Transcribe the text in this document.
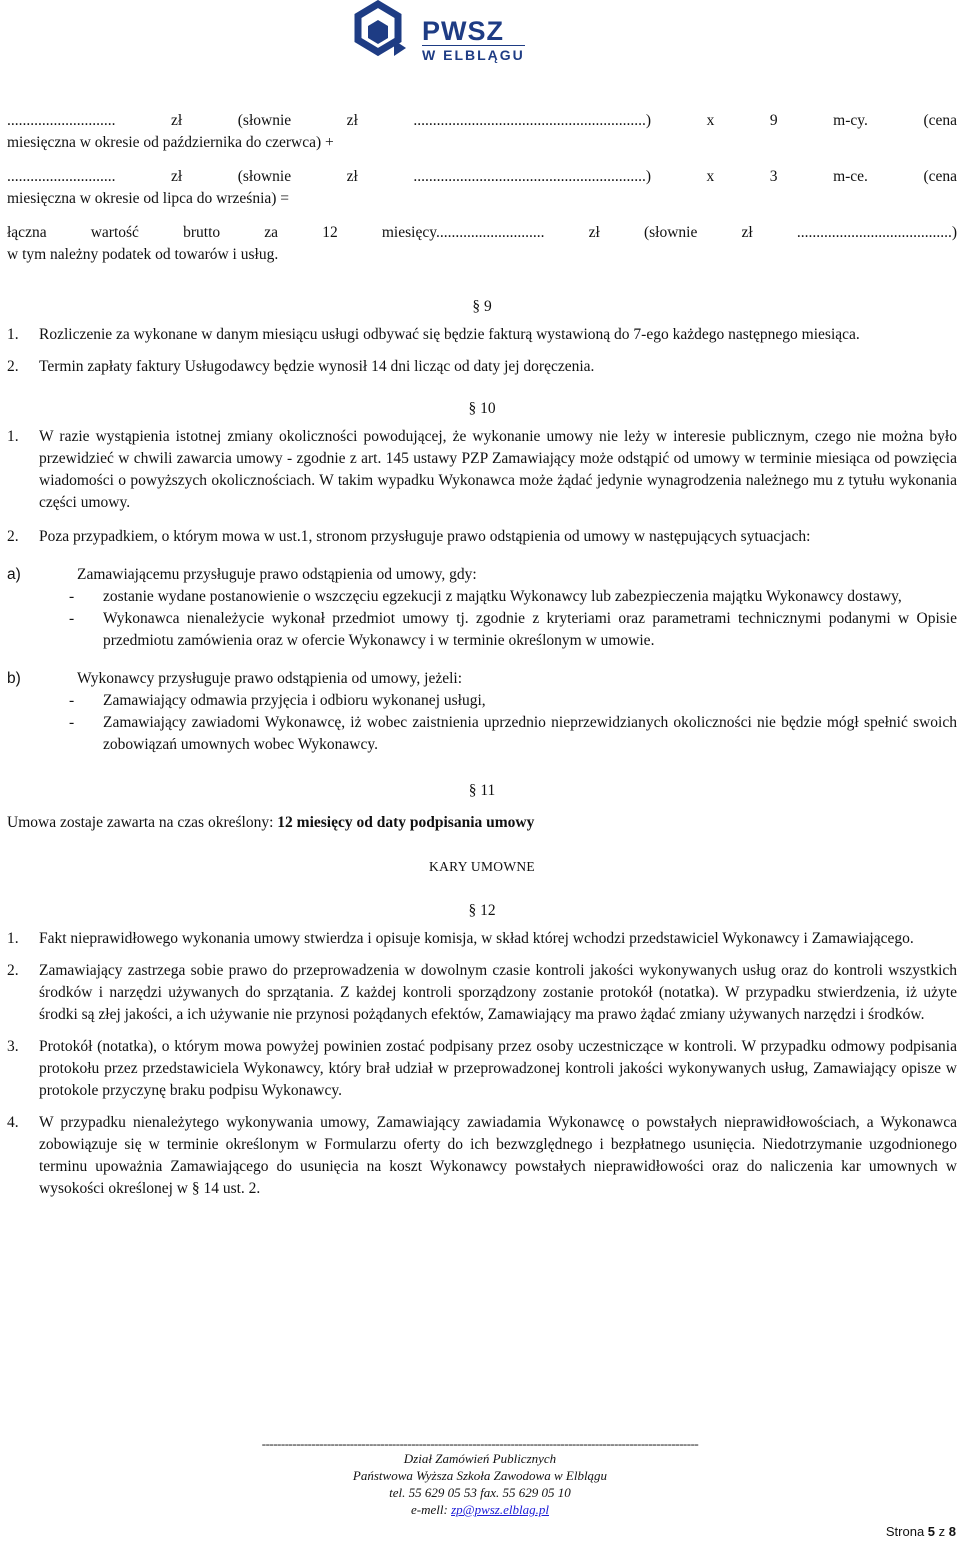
PWSZ
W ELBLĄGU

............................ zł (słownie zł ............................................................) x 9 m-cy. (cena

miesięczna w okresie od października do czerwca) +

............................ zł (słownie zł ............................................................) x 3 m-ce. (cena

miesięczna w okresie od lipca do września) =

łączna wartość brutto za 12 miesięcy............................ zł (słownie zł ........................................)

w tym należny podatek od towarów i usług.

§ 9

1.	Rozliczenie za wykonane w danym miesiącu usługi odbywać się będzie fakturą wystawioną do 7-ego każdego następnego miesiąca.
2.	Termin zapłaty faktury Usługodawcy będzie wynosił 14 dni licząc od daty jej doręczenia.

§ 10

1.	W razie wystąpienia istotnej zmiany okoliczności powodującej, że wykonanie umowy nie leży w interesie publicznym, czego nie można było przewidzieć w chwili zawarcia umowy - zgodnie z art. 145 ustawy PZP Zamawiający może odstąpić od umowy w terminie miesiąca od powzięcia wiadomości o powyższych okolicznościach. W takim wypadku Wykonawca może żądać jedynie wynagrodzenia należnego mu z tytułu wykonania części umowy.
2.	Poza przypadkiem, o którym mowa w ust.1, stronom przysługuje prawo odstąpienia od umowy w następujących sytuacjach:
a)	Zamawiającemu przysługuje prawo odstąpienia od umowy, gdy:
-	zostanie wydane postanowienie o wszczęciu egzekucji z majątku Wykonawcy lub zabezpieczenia majątku Wykonawcy dostawy,
-	Wykonawca nienależycie wykonał przedmiot umowy tj. zgodnie z kryteriami oraz parametrami technicznymi podanymi w Opisie przedmiotu zamówienia oraz w ofercie Wykonawcy i w terminie określonym w umowie.
b)	Wykonawcy przysługuje prawo odstąpienia od umowy, jeżeli:
-	Zamawiający odmawia przyjęcia i odbioru wykonanej usługi,
-	Zamawiający zawiadomi Wykonawcę, iż wobec zaistnienia uprzednio nieprzewidzianych okoliczności nie będzie mógł spełnić swoich zobowiązań umownych wobec Wykonawcy.

§ 11

Umowa zostaje zawarta na czas określony: 12 miesięcy od daty podpisania umowy

KARY UMOWNE

§ 12

1.	Fakt nieprawidłowego wykonania umowy stwierdza i opisuje komisja, w skład której wchodzi przedstawiciel Wykonawcy i Zamawiającego.
2.	Zamawiający zastrzega sobie prawo do przeprowadzenia w dowolnym czasie kontroli jakości wykonywanych usług oraz do kontroli wszystkich środków i narzędzi używanych do sprzątania. Z każdej kontroli sporządzony zostanie protokół (notatka). W przypadku stwierdzenia, iż użyte środki są złej jakości, a ich używanie nie przynosi pożądanych efektów, Zamawiający ma prawo żądać zmiany używanych narzędzi i środków.
3.	Protokół (notatka), o którym mowa powyżej powinien zostać podpisany przez osoby uczestniczące w kontroli. W przypadku odmowy podpisania protokołu przez przedstawiciela Wykonawcy, który brał udział w przeprowadzonej kontroli jakości wykonywanych usług, Zamawiający opisze w protokole przyczynę braku podpisu Wykonawcy.
4.	W przypadku nienależytego wykonywania umowy, Zamawiający zawiadamia Wykonawcę o powstałych nieprawidłowościach, a Wykonawca zobowiązuje się w terminie określonym w Formularzu oferty do ich bezwzględnego i bezpłatnego usunięcia. Niedotrzymanie uzgodnionego terminu upoważnia Zamawiającego do usunięcia na koszt Wykonawcy powstałych nieprawidłowości oraz do naliczenia kar umownych w wysokości określonej w § 14 ust. 2.
------------------------------------------------------------------------------------------------------------------
Dział Zamówień Publicznych
Państwowa Wyższa Szkoła Zawodowa w Elblągu
tel. 55 629 05 53 fax. 55 629 05 10
e-mell: zp@pwsz.elblag.pl
Strona 5 z 8
